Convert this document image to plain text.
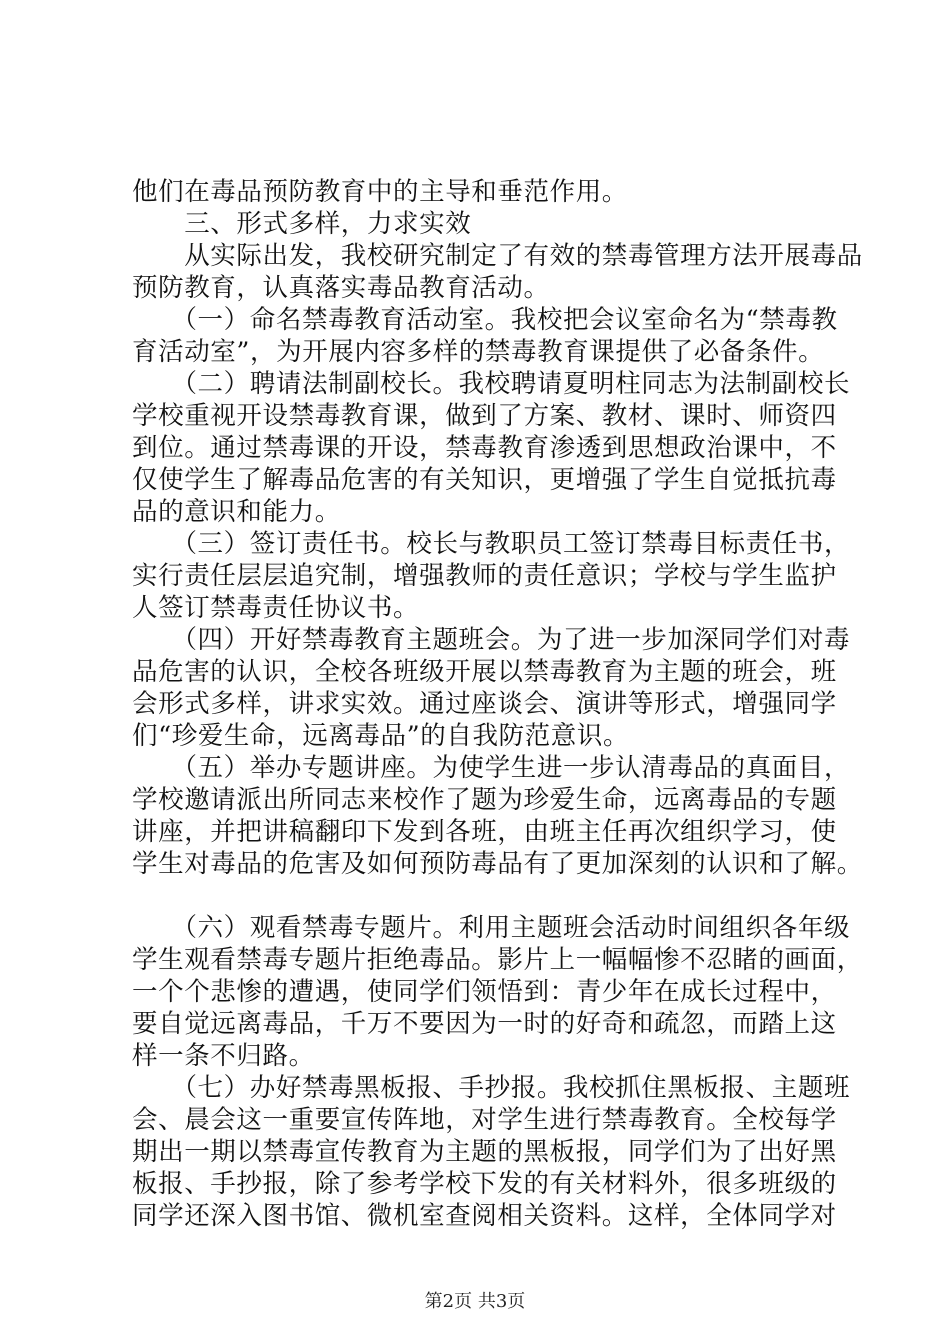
他们在毒品预防教育中的主导和垂范作用。
　　三、形式多样，力求实效
　　从实际出发，我校研究制定了有效的禁毒管理方法开展毒品
预防教育，认真落实毒品教育活动。
　　（一）命名禁毒教育活动室。我校把会议室命名为“禁毒教
育活动室”，为开展内容多样的禁毒教育课提供了必备条件。
　　（二）聘请法制副校长。我校聘请夏明柱同志为法制副校长
学校重视开设禁毒教育课，做到了方案、教材、课时、师资四
到位。通过禁毒课的开设，禁毒教育渗透到思想政治课中，不
仅使学生了解毒品危害的有关知识，更增强了学生自觉抵抗毒
品的意识和能力。
　　（三）签订责任书。校长与教职员工签订禁毒目标责任书，
实行责任层层追究制，增强教师的责任意识；学校与学生监护
人签订禁毒责任协议书。
　　（四）开好禁毒教育主题班会。为了进一步加深同学们对毒
品危害的认识，全校各班级开展以禁毒教育为主题的班会，班
会形式多样，讲求实效。通过座谈会、演讲等形式，增强同学
们“珍爱生命，远离毒品”的自我防范意识。
　　（五）举办专题讲座。为使学生进一步认清毒品的真面目，
学校邀请派出所同志来校作了题为珍爱生命，远离毒品的专题
讲座，并把讲稿翻印下发到各班，由班主任再次组织学习，使
学生对毒品的危害及如何预防毒品有了更加深刻的认识和了解。
　　（六）观看禁毒专题片。利用主题班会活动时间组织各年级
学生观看禁毒专题片拒绝毒品。影片上一幅幅惨不忍睹的画面，
一个个悲惨的遭遇，使同学们领悟到：青少年在成长过程中，
要自觉远离毒品，千万不要因为一时的好奇和疏忽，而踏上这
样一条不归路。
　　（七）办好禁毒黑板报、手抄报。我校抓住黑板报、主题班
会、晨会这一重要宣传阵地，对学生进行禁毒教育。全校每学
期出一期以禁毒宣传教育为主题的黑板报，同学们为了出好黑
板报、手抄报，除了参考学校下发的有关材料外，很多班级的
同学还深入图书馆、微机室查阅相关资料。这样，全体同学对
第2页 共3页
